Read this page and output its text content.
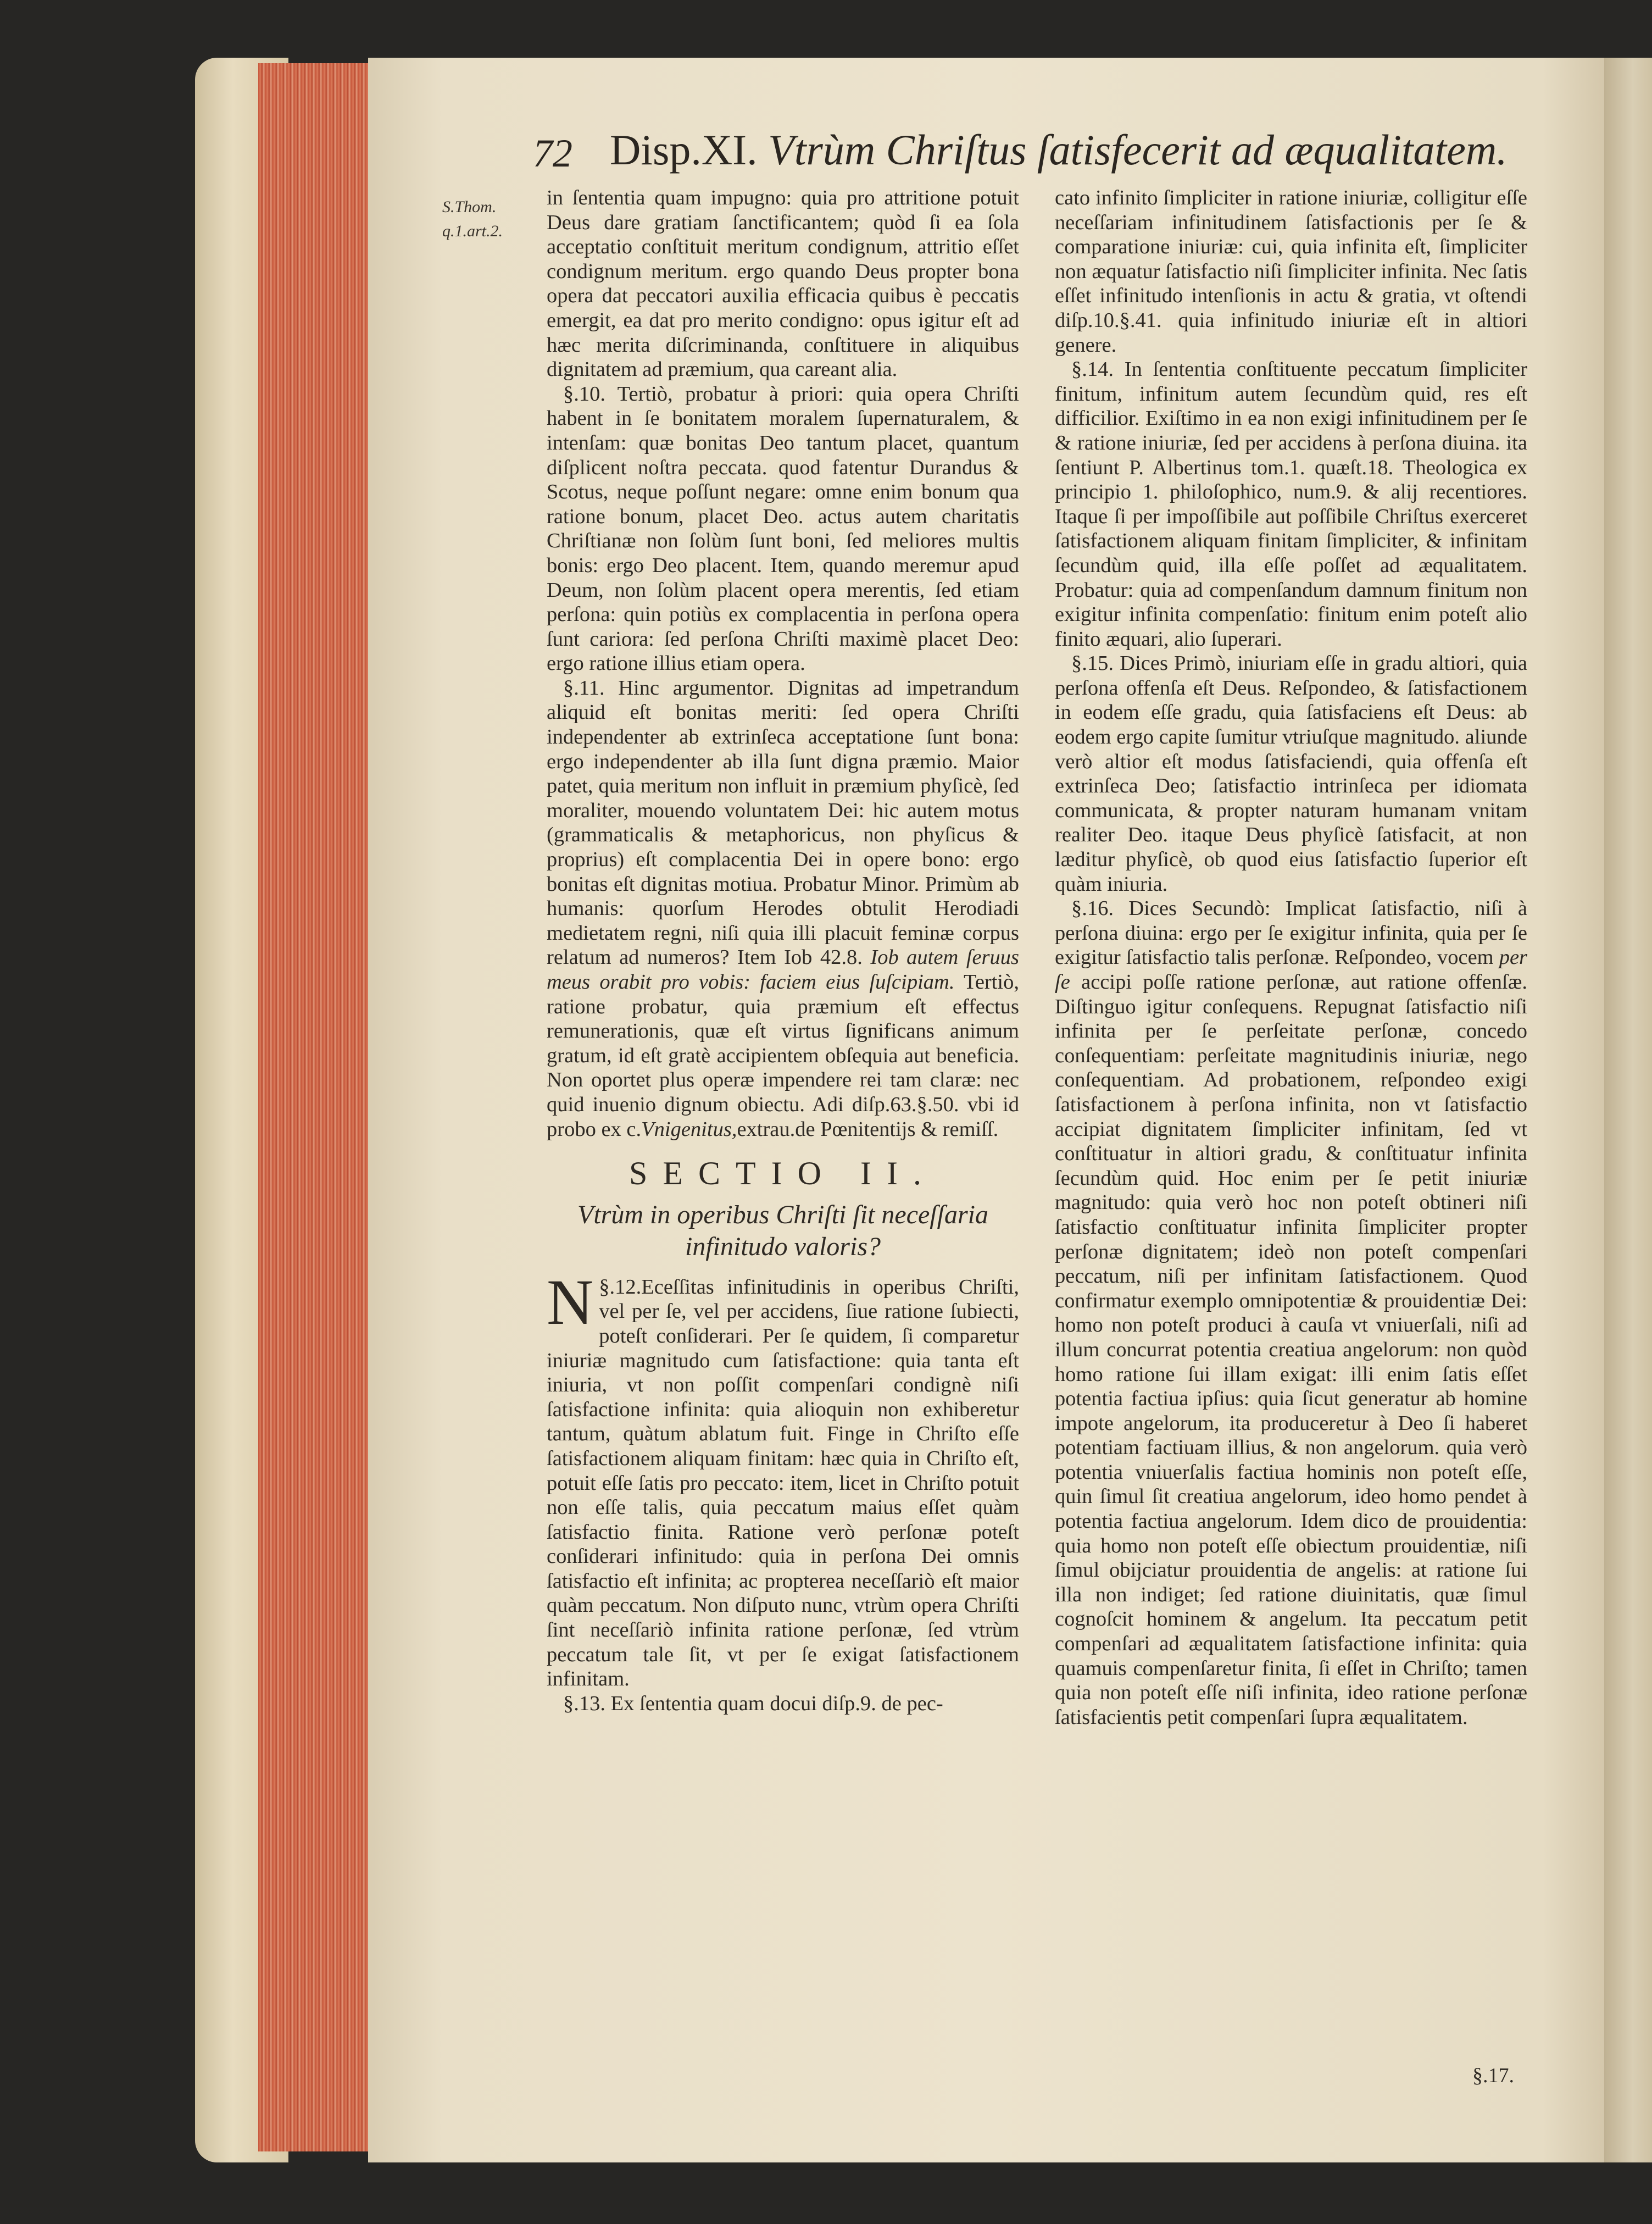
72 Disp.XI. Vtrùm Chriſtus ſatisfecerit ad æqualitatem.
S.Thom. q.1.art.2.

in ſententia quam impugno: quia pro attritione potuit Deus dare gratiam ſanctificantem; quòd ſi ea ſola acceptatio conſtituit meritum condignum, attritio eſſet condignum meritum. ergo quando Deus propter bona opera dat peccatori auxilia efficacia quibus è peccatis emergit, ea dat pro merito condigno: opus igitur eſt ad hæc merita diſcriminanda, conſtituere in aliquibus dignitatem ad præmium, qua careant alia.

§.10. Tertiò, probatur à priori: quia opera Chriſti habent in ſe bonitatem moralem ſupernaturalem, & intenſam: quæ bonitas Deo tantum placet, quantum diſplicent noſtra peccata. quod fatentur Durandus & Scotus, neque poſſunt negare: omne enim bonum qua ratione bonum, placet Deo. actus autem charitatis Chriſtianæ non ſolùm ſunt boni, ſed meliores multis bonis: ergo Deo placent. Item, quando meremur apud Deum, non ſolùm placent opera merentis, ſed etiam perſona: quin potiùs ex complacentia in perſona opera ſunt cariora: ſed perſona Chriſti maximè placet Deo: ergo ratione illius etiam opera.

§.11. Hinc argumentor. Dignitas ad impetrandum aliquid eſt bonitas meriti: ſed opera Chriſti independenter ab extrinſeca acceptatione ſunt bona: ergo independenter ab illa ſunt digna præmio. Maior patet, quia meritum non influit in præmium phyſicè, ſed moraliter, mouendo voluntatem Dei: hic autem motus (grammaticalis & metaphoricus, non phyſicus & proprius) eſt complacentia Dei in opere bono: ergo bonitas eſt dignitas motiua. Probatur Minor. Primùm ab humanis: quorſum Herodes obtulit Herodiadi medietatem regni, niſi quia illi placuit feminæ corpus relatum ad numeros? Item Iob 42.8. Iob autem ſeruus meus orabit pro vobis: faciem eius ſuſcipiam. Tertiò, ratione probatur, quia præmium eſt effectus remunerationis, quæ eſt virtus ſignificans animum gratum, id eſt gratè accipientem obſequia aut beneficia. Non oportet plus operæ impendere rei tam claræ: nec quid inuenio dignum obiectu. Adi diſp.63.§.50. vbi id probo ex c.Vnigenitus,extrau.de Pœnitentijs & remiſſ.

SECTIO II.
Vtrùm in operibus Chriſti ſit neceſſaria infinitudo valoris?

§.12.
N Eceſſitas infinitudinis in operibus Chriſti, vel per ſe, vel per accidens, ſiue ratione ſubiecti, poteſt conſiderari. Per ſe quidem, ſi comparetur iniuriæ magnitudo cum ſatisfactione: quia tanta eſt iniuria, vt non poſſit compenſari condignè niſi ſatisfactione infinita: quia alioquin non exhiberetur tantum, quàtum ablatum fuit. Finge in Chriſto eſſe ſatisfactionem aliquam finitam: hæc quia in Chriſto eſt, potuit eſſe ſatis pro peccato: item, licet in Chriſto potuit non eſſe talis, quia peccatum maius eſſet quàm ſatisfactio finita. Ratione verò perſonæ poteſt conſiderari infinitudo: quia in perſona Dei omnis ſatisfactio eſt infinita; ac propterea neceſſariò eſt maior quàm peccatum. Non diſputo nunc, vtrùm opera Chriſti ſint neceſſariò infinita ratione perſonæ, ſed vtrùm peccatum tale ſit, vt per ſe exigat ſatisfactionem infinitam.

§.13. Ex ſententia quam docui diſp.9. de pec-

cato infinito ſimpliciter in ratione iniuriæ, colligitur eſſe neceſſariam infinitudinem ſatisfactionis per ſe & comparatione iniuriæ: cui, quia infinita eſt, ſimpliciter non æquatur ſatisfactio niſi ſimpliciter infinita. Nec ſatis eſſet infinitudo intenſionis in actu & gratia, vt oſtendi diſp.10.§.41. quia infinitudo iniuriæ eſt in altiori genere.

§.14. In ſententia conſtituente peccatum ſimpliciter finitum, infinitum autem ſecundùm quid, res eſt difficilior. Exiſtimo in ea non exigi infinitudinem per ſe & ratione iniuriæ, ſed per accidens à perſona diuina. ita ſentiunt P. Albertinus tom.1. quæſt.18. Theologica ex principio 1. philoſophico, num.9. & alij recentiores. Itaque ſi per impoſſibile aut poſſibile Chriſtus exerceret ſatisfactionem aliquam finitam ſimpliciter, & infinitam ſecundùm quid, illa eſſe poſſet ad æqualitatem. Probatur: quia ad compenſandum damnum finitum non exigitur infinita compenſatio: finitum enim poteſt alio finito æquari, alio ſuperari.

§.15. Dices Primò, iniuriam eſſe in gradu altiori, quia perſona offenſa eſt Deus. Reſpondeo, & ſatisfactionem in eodem eſſe gradu, quia ſatisfaciens eſt Deus: ab eodem ergo capite ſumitur vtriuſque magnitudo. aliunde verò altior eſt modus ſatisfaciendi, quia offenſa eſt extrinſeca Deo; ſatisfactio intrinſeca per idiomata communicata, & propter naturam humanam vnitam realiter Deo. itaque Deus phyſicè ſatisfacit, at non læditur phyſicè, ob quod eius ſatisfactio ſuperior eſt quàm iniuria.

§.16. Dices Secundò: Implicat ſatisfactio, niſi à perſona diuina: ergo per ſe exigitur infinita, quia per ſe exigitur ſatisfactio talis perſonæ. Reſpondeo, vocem per ſe accipi poſſe ratione perſonæ, aut ratione offenſæ. Diſtinguo igitur conſequens. Repugnat ſatisfactio niſi infinita per ſe perſeitate perſonæ, concedo conſequentiam: perſeitate magnitudinis iniuriæ, nego conſequentiam. Ad probationem, reſpondeo exigi ſatisfactionem à perſona infinita, non vt ſatisfactio accipiat dignitatem ſimpliciter infinitam, ſed vt conſtituatur in altiori gradu, & conſtituatur infinita ſecundùm quid. Hoc enim per ſe petit iniuriæ magnitudo: quia verò hoc non poteſt obtineri niſi ſatisfactio conſtituatur infinita ſimpliciter propter perſonæ dignitatem; ideò non poteſt compenſari peccatum, niſi per infinitam ſatisfactionem. Quod confirmatur exemplo omnipotentiæ & prouidentiæ Dei: homo non poteſt produci à cauſa vt vniuerſali, niſi ad illum concurrat potentia creatiua angelorum: non quòd homo ratione ſui illam exigat: illi enim ſatis eſſet potentia factiua ipſius: quia ſicut generatur ab homine impote angelorum, ita produceretur à Deo ſi haberet potentiam factiuam illius, & non angelorum. quia verò potentia vniuerſalis factiua hominis non poteſt eſſe, quin ſimul ſit creatiua angelorum, ideo homo pendet à potentia factiua angelorum. Idem dico de prouidentia: quia homo non poteſt eſſe obiectum prouidentiæ, niſi ſimul obijciatur prouidentia de angelis: at ratione ſui illa non indiget; ſed ratione diuinitatis, quæ ſimul cognoſcit hominem & angelum. Ita peccatum petit compenſari ad æqualitatem ſatisfactione infinita: quia quamuis compenſaretur finita, ſi eſſet in Chriſto; tamen quia non poteſt eſſe niſi infinita, ideo ratione perſonæ ſatisfacientis petit compenſari ſupra æqualitatem.

§.17.
